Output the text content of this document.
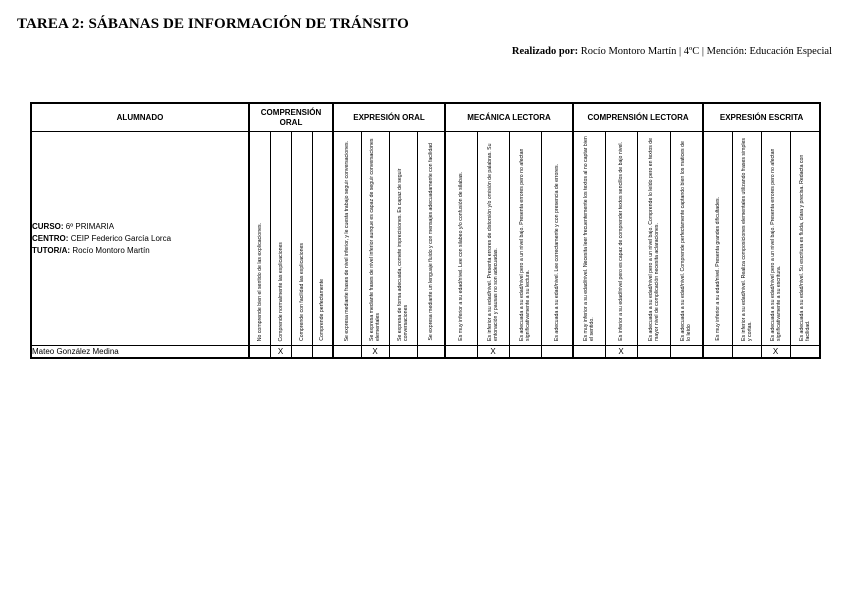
TAREA 2: SÁBANAS DE INFORMACIÓN DE TRÁNSITO
Realizado por: Rocío Montoro Martín | 4ºC | Mención: Educación Especial
ALUMNADO	COMPRENSIÓN ORAL				EXPRESIÓN ORAL				MECÁNICA LECTORA				COMPRENSIÓN LECTORA				EXPRESIÓN ESCRITA			

CURSO: 6º PRIMARIA
CENTRO: CEIP Federico García Lorca
TUTOR/A: Rocío Montoro Martín	No comprende bien el sentido de las explicaciones.	Comprende normalmente las explicaciones	Comprende con facilidad las explicaciones	Comprende perfectamente	Se expresa mediante frases de nivel inferior, y le cuesta trabajo seguir conversaciones.	Se expresa mediante frases de nivel inferior aunque es capaz de seguir conversaciones elementales	Se expresa de forma adecuada, comete imprecisiones. Es capaz de seguir conversaciones	Se expresa mediante un lenguaje fluido y con mensajes adecuadamente con facilidad	Es muy inferior a su edad/nivel. Lee con silabeo y/o confusión de sílabas.	Es inferior a su edad/nivel. Presenta errores de distorsión y/o omisión de palabras. Su entonación y pausas no son adecuadas.	Es adecuada a su edad/nivel pero a un nivel bajo. Presenta errores pero no afectan significativamente a su lectura.	Es adecuada a su edad/nivel. Lee correctamente y con presencia de errores.	Es muy inferior a su edad/nivel. Necesita leer frecuentemente los textos al no captar bien el sentido.	Es inferior a su edad/nivel pero es capaz de comprender textos sencillos de bajo nivel.	Es adecuada a su edad/nivel pero a un nivel bajo. Comprende lo leído pero en textos de mayor nivel de complicación necesita aclaraciones.	Es adecuada a su edad/nivel. Comprende perfectamente captando bien los matices de lo leído	Es muy inferior a su edad/nivel. Presenta grandes dificultades.	Es inferior a su edad/nivel. Realiza composiciones elementales utilizando frases simples y cortas.	Es adecuada a su edad/nivel pero a un nivel bajo. Presenta errores pero no afectan significativamente a su escritura.	Es adecuada a su edad/nivel. Su escritura es fluida, clara y precisa. Redacta con facilidad.

Mateo González Medina		X				X				X				X					X	
